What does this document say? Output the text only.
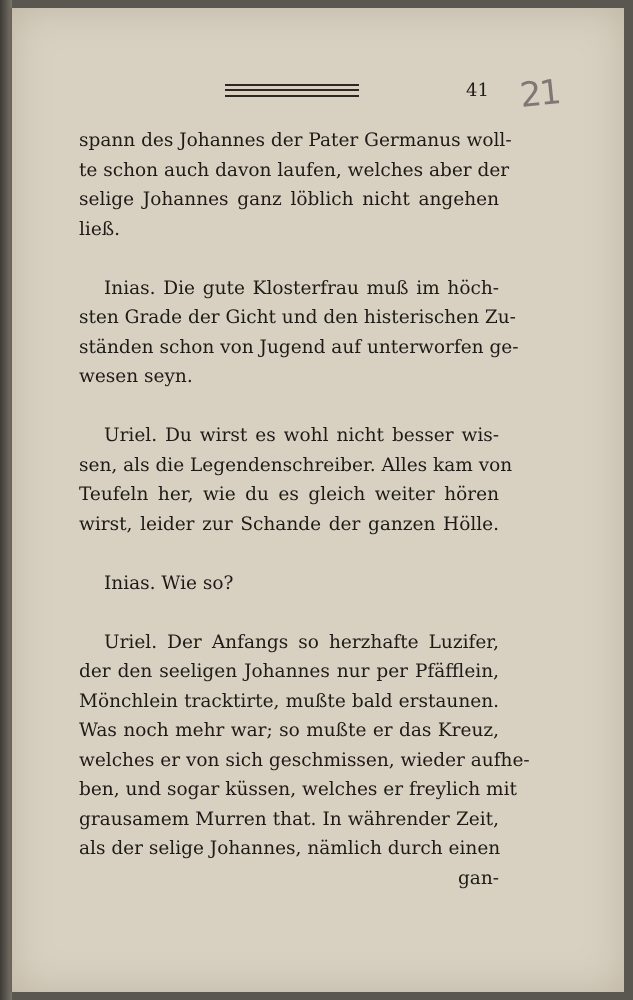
41 21
spann des Johannes der Pater Germanus woll-
te schon auch davon laufen, welches aber der
selige Johannes ganz löblich nicht angehen
ließ.
Inias. Die gute Klosterfrau muß im höch-
sten Grade der Gicht und den histerischen Zu-
ständen schon von Jugend auf unterworfen ge-
wesen seyn.
Uriel. Du wirst es wohl nicht besser wis-
sen, als die Legendenschreiber. Alles kam von
Teufeln her, wie du es gleich weiter hören
wirst, leider zur Schande der ganzen Hölle.
Inias. Wie so?
Uriel. Der Anfangs so herzhafte Luzifer,
der den seeligen Johannes nur per Pfäfflein,
Mönchlein tracktirte, mußte bald erstaunen.
Was noch mehr war; so mußte er das Kreuz,
welches er von sich geschmissen, wieder aufhe-
ben, und sogar küssen, welches er freylich mit
grausamem Murren that. In währender Zeit,
als der selige Johannes, nämlich durch einen
gan-
